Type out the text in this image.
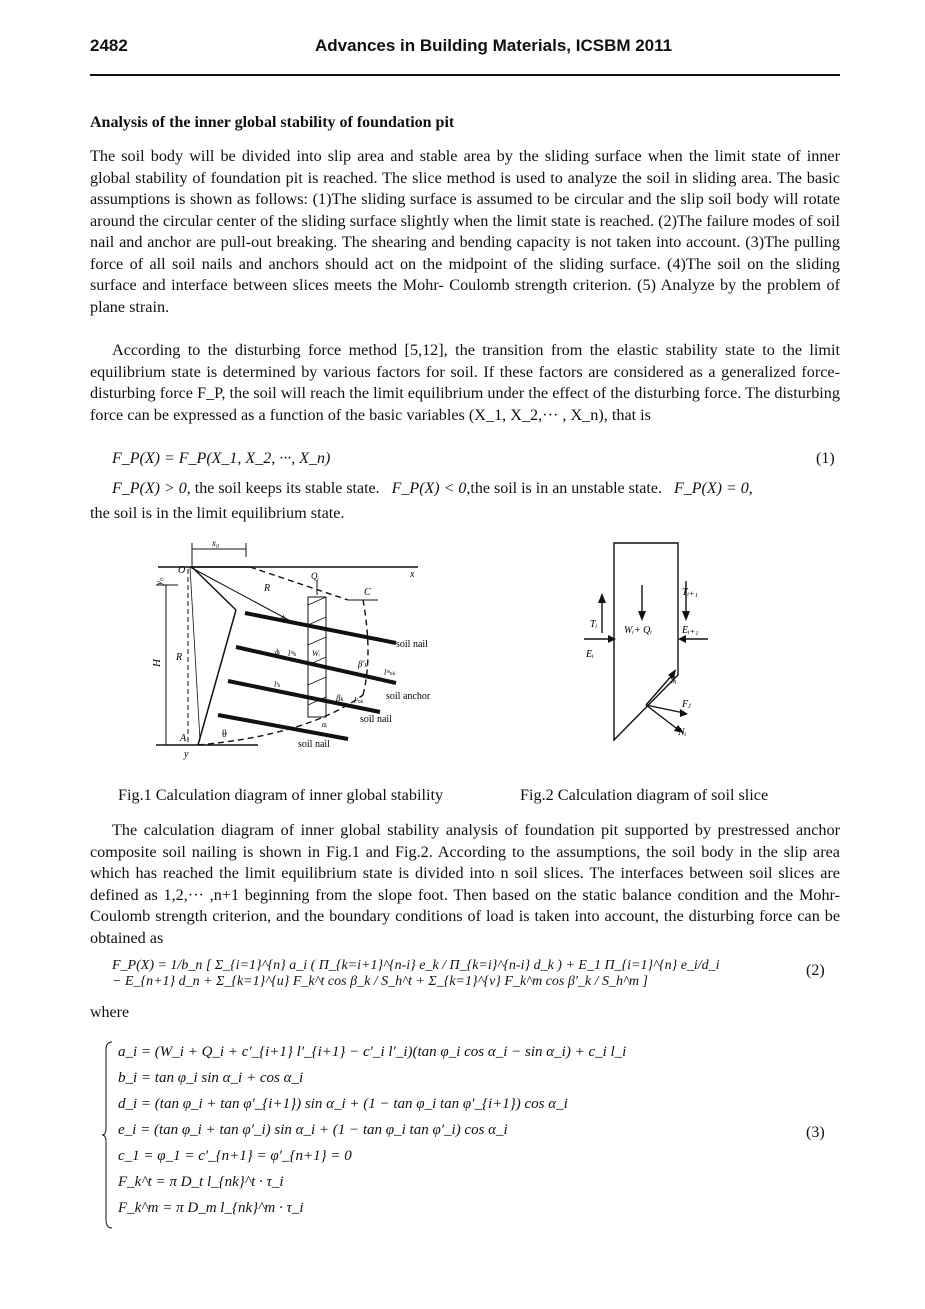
2482	Advances in Building Materials, ICSBM 2011
Analysis of the inner global stability of foundation pit

The soil body will be divided into slip area and stable area by the sliding surface when the limit state of inner global stability of foundation pit is reached. The slice method is used to analyze the soil in sliding area. The basic assumptions is shown as follows: (1)The sliding surface is assumed to be circular and the slip soil body will rotate around the circular center of the sliding surface slightly when the limit state is reached. (2)The failure modes of soil nail and anchor are pull-out breaking. The shearing and bending capacity is not taken into account. (3)The pulling force of all soil nails and anchors should act on the midpoint of the sliding surface. (4)The soil on the sliding surface and interface between slices meets the Mohr- Coulomb strength criterion. (5) Analyze by the problem of plane strain.

According to the disturbing force method [5,12], the transition from the elastic stability state to the limit equilibrium state is determined by various factors for soil. If these factors are considered as a generalized force-disturbing force F_P, the soil will reach the limit equilibrium under the effect of the disturbing force. The disturbing force can be expressed as a function of the basic variables (X_1, X_2,··· , X_n), that is

F_P(X) = F_P(X_1, X_2, ···, X_n)	(1)
F_P(X) > 0, the soil keeps its stable state. F_P(X) < 0,the soil is in an unstable state. F_P(X) = 0,
the soil is in the limit equilibrium state.
x₀
y₀
O	x
H
R
A	θ
y
R	C
Qᵢ
Wᵢ
αᵢ
soil nail
soil anchor
soil nail
soil nail
ϕ
ϕ lᵐₖ
lᵗₖ
β′ₖ
lᵐₙₖ
βₖ lᵗₙₖ
Tᵢ
Eᵢ
Wᵢ+ Qᵢ
Tᵢ₊₁
Eᵢ₊₁
Sᵢ
Fⱼ
Nᵢ
Fig.1 Calculation diagram of inner global stability	Fig.2 Calculation diagram of soil slice

The calculation diagram of inner global stability analysis of foundation pit supported by prestressed anchor composite soil nailing is shown in Fig.1 and Fig.2. According to the assumptions, the soil body in the slip area which has reached the limit equilibrium state is divided into n soil slices. The interfaces between soil slices are defined as 1,2,··· ,n+1 beginning from the slope foot. Then based on the static balance condition and the Mohr-Coulomb strength criterion, and the boundary conditions of load is taken into account, the disturbing force can be obtained as

F_P(X) = 1/b_n [ Σ_{i=1}^{n} a_i ( Π_{k=i+1}^{n-i} e_k / Π_{k=i}^{n-i} d_k ) + E_1 Π_{i=1}^{n} e_i/d_i − E_{n+1} d_n + Σ_{k=1}^{u} F_k^t cos β_k / S_h^t + Σ_{k=1}^{v} F_k^m cos β′_k / S_h^m ]
(2)
where
a_i = (W_i + Q_i + c′_{i+1} l′_{i+1} − c′_i l′_i)(tan φ_i cos α_i − sin α_i) + c_i l_i
b_i = tan φ_i sin α_i + cos α_i
d_i = (tan φ_i + tan φ′_{i+1}) sin α_i + (1 − tan φ_i tan φ′_{i+1}) cos α_i
e_i = (tan φ_i + tan φ′_i) sin α_i + (1 − tan φ_i tan φ′_i) cos α_i
c_1 = φ_1 = c′_{n+1} = φ′_{n+1} = 0
F_k^t = π D_t l_{nk}^t · τ_i
F_k^m = π D_m l_{nk}^m · τ_i
(3)
